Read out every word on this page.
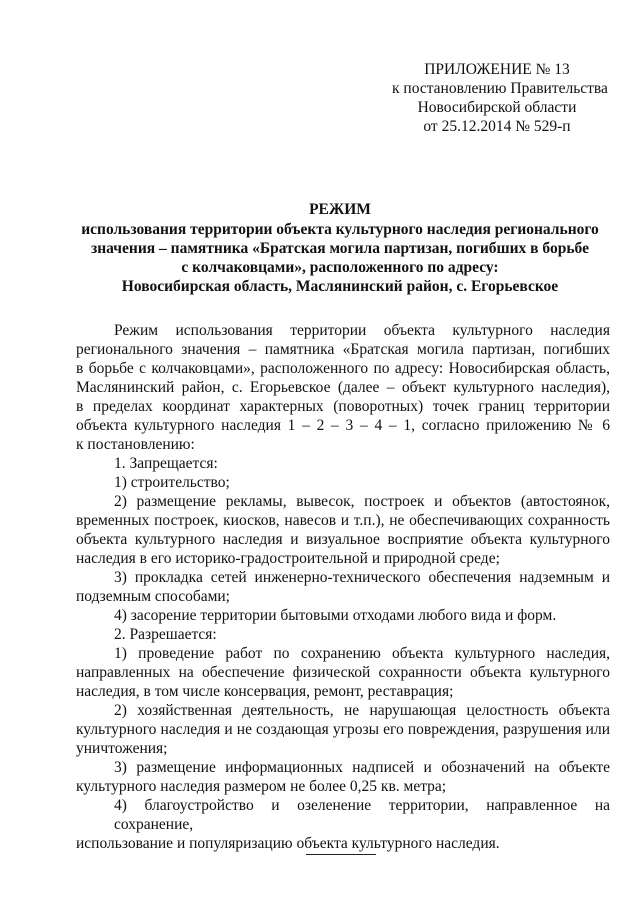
ПРИЛОЖЕНИЕ № 13
к постановлению Правительства
Новосибирской области
от 25.12.2014 № 529-п
РЕЖИМ
использования территории объекта культурного наследия регионального
значения – памятника «Братская могила партизан, погибших в борьбе
с колчаковцами», расположенного по адресу:
Новосибирская область, Маслянинский район, с. Егорьевское
Режим использования территории объекта культурного наследия
регионального значения – памятника «Братская могила партизан, погибших
в борьбе с колчаковцами», расположенного по адресу: Новосибирская область,
Маслянинский район, с. Егорьевское (далее – объект культурного наследия),
в пределах координат характерных (поворотных) точек границ территории
объекта культурного наследия 1 – 2 – 3 – 4 – 1, согласно приложению № 6
к постановлению:
1. Запрещается:
1) строительство;
2) размещение рекламы, вывесок, построек и объектов (автостоянок,
временных построек, киосков, навесов и т.п.), не обеспечивающих сохранность
объекта культурного наследия и визуальное восприятие объекта культурного
наследия в его историко-градостроительной и природной среде;
3) прокладка сетей инженерно-технического обеспечения надземным и
подземным способами;
4) засорение территории бытовыми отходами любого вида и форм.
2. Разрешается:
1) проведение работ по сохранению объекта культурного наследия,
направленных на обеспечение физической сохранности объекта культурного
наследия, в том числе консервация, ремонт, реставрация;
2) хозяйственная деятельность, не нарушающая целостность объекта
культурного наследия и не создающая угрозы его повреждения, разрушения или
уничтожения;
3) размещение информационных надписей и обозначений на объекте
культурного наследия размером не более 0,25 кв. метра;
4) благоустройство и озеленение территории, направленное на сохранение,
использование и популяризацию объекта культурного наследия.
